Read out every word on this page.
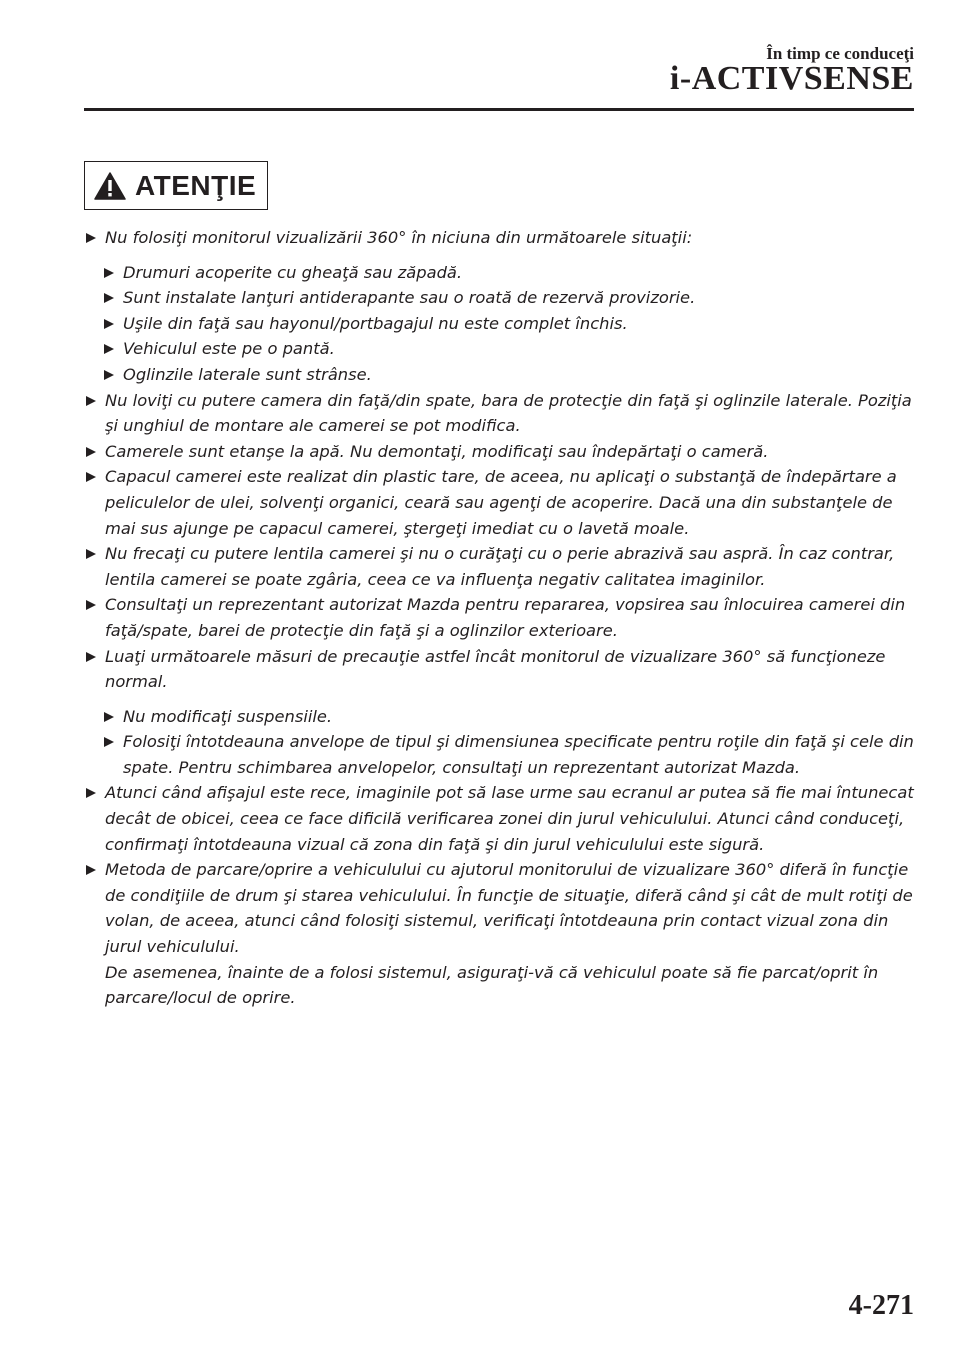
În timp ce conduceţi
i-ACTIVSENSE
ATENŢIE
Nu folosiţi monitorul vizualizării 360° în niciuna din următoarele situaţii:
Drumuri acoperite cu gheaţă sau zăpadă.
Sunt instalate lanţuri antiderapante sau o roată de rezervă provizorie.
Uşile din faţă sau hayonul/portbagajul nu este complet închis.
Vehiculul este pe o pantă.
Oglinzile laterale sunt strânse.
Nu loviţi cu putere camera din faţă/din spate, bara de protecţie din faţă şi oglinzile laterale. Poziţia şi unghiul de montare ale camerei se pot modifica.
Camerele sunt etanşe la apă. Nu demontaţi, modificaţi sau îndepărtaţi o cameră.
Capacul camerei este realizat din plastic tare, de aceea, nu aplicaţi o substanţă de îndepărtare a peliculelor de ulei, solvenţi organici, ceară sau agenţi de acoperire. Dacă una din substanţele de mai sus ajunge pe capacul camerei, ştergeţi imediat cu o lavetă moale.
Nu frecaţi cu putere lentila camerei şi nu o curăţaţi cu o perie abrazivă sau aspră. În caz contrar, lentila camerei se poate zgâria, ceea ce va influenţa negativ calitatea imaginilor.
Consultaţi un reprezentant autorizat Mazda pentru repararea, vopsirea sau înlocuirea camerei din faţă/spate, barei de protecţie din faţă şi a oglinzilor exterioare.
Luaţi următoarele măsuri de precauţie astfel încât monitorul de vizualizare 360° să funcţioneze normal.
Nu modificaţi suspensiile.
Folosiţi întotdeauna anvelope de tipul şi dimensiunea specificate pentru roţile din faţă şi cele din spate. Pentru schimbarea anvelopelor, consultaţi un reprezentant autorizat Mazda.
Atunci când afişajul este rece, imaginile pot să lase urme sau ecranul ar putea să fie mai întunecat decât de obicei, ceea ce face dificilă verificarea zonei din jurul vehiculului. Atunci când conduceţi, confirmaţi întotdeauna vizual că zona din faţă şi din jurul vehiculului este sigură.
Metoda de parcare/oprire a vehiculului cu ajutorul monitorului de vizualizare 360° diferă în funcţie de condiţiile de drum şi starea vehiculului. În funcţie de situaţie, diferă când şi cât de mult rotiţi de volan, de aceea, atunci când folosiţi sistemul, verificaţi întotdeauna prin contact vizual zona din jurul vehiculului.
De asemenea, înainte de a folosi sistemul, asiguraţi-vă că vehiculul poate să fie parcat/oprit în parcare/locul de oprire.
4-271
